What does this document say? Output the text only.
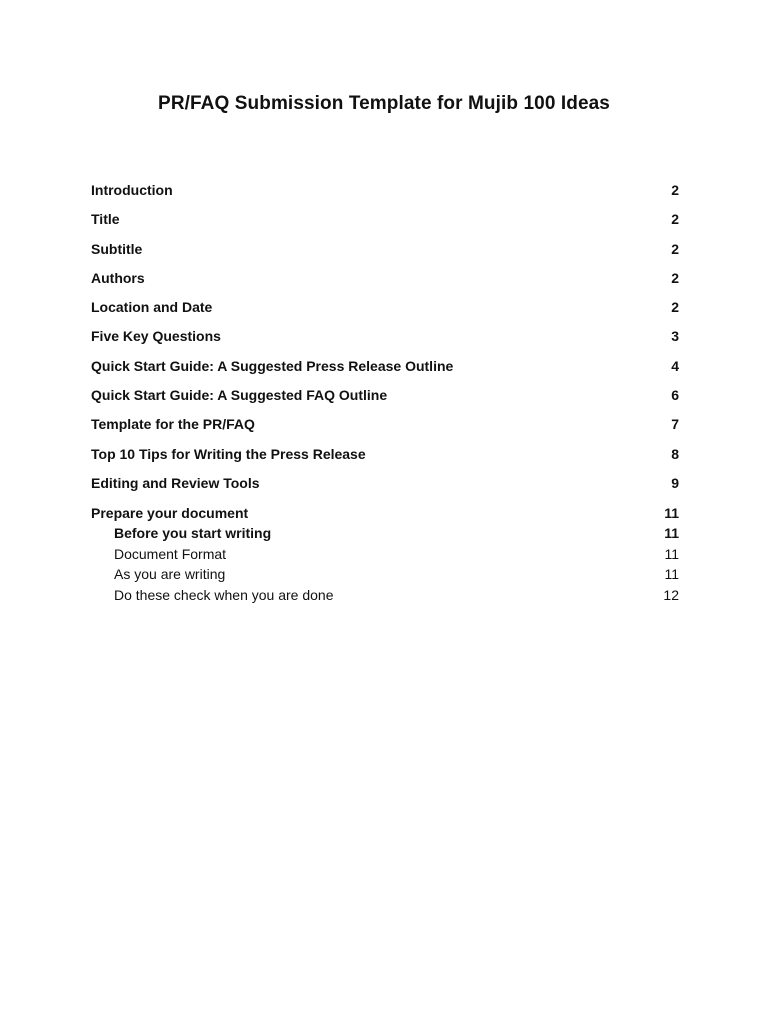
PR/FAQ Submission Template for Mujib 100 Ideas
Introduction	2
Title	2
Subtitle	2
Authors	2
Location and Date	2
Five Key Questions	3
Quick Start Guide: A Suggested Press Release Outline	4
Quick Start Guide: A Suggested FAQ Outline	6
Template for the PR/FAQ	7
Top 10 Tips for Writing the Press Release	8
Editing and Review Tools	9
Prepare your document	11
Before you start writing	11
Document Format	11
As you are writing	11
Do these check when you are done	12
